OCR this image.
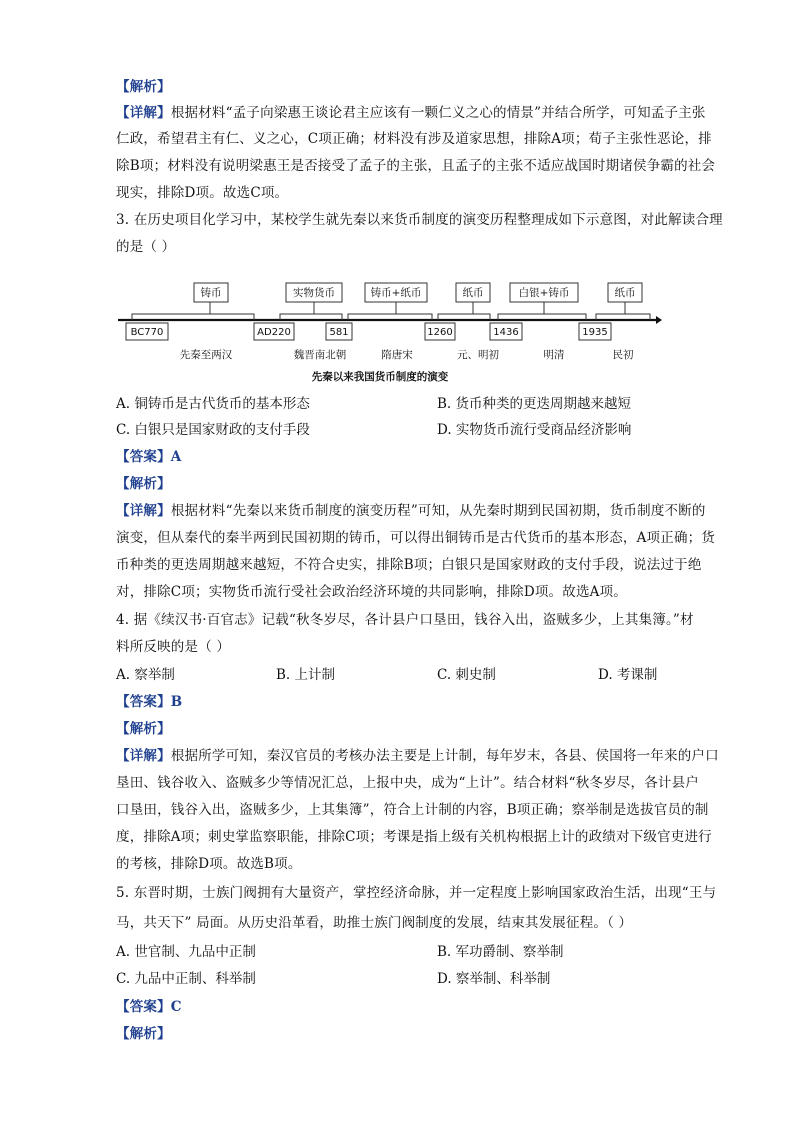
【解析】
【详解】根据材料“孟子向梁惠王谈论君主应该有一颗仁义之心的情景”并结合所学，可知孟子主张
仁政，希望君主有仁、义之心，C项正确；材料没有涉及道家思想，排除A项；荀子主张性恶论，排
除B项；材料没有说明梁惠王是否接受了孟子的主张，且孟子的主张不适应战国时期诸侯争霸的社会
现实，排除D项。故选C项。
3. 在历史项目化学习中，某校学生就先秦以来货币制度的演变历程整理成如下示意图，对此解读合理
的是（ ）
铸币	实物货币	铸币+纸币	纸币	白银+铸币	纸币
BC770	AD220	581	1260	1436	1935
先秦至两汉	魏晋南北朝	隋唐宋	元、明初	明清	民初
先秦以来我国货币制度的演变
A. 铜铸币是古代货币的基本形态	B. 货币种类的更迭周期越来越短
C. 白银只是国家财政的支付手段	D. 实物货币流行受商品经济影响
【答案】A
【解析】
【详解】根据材料“先秦以来货币制度的演变历程”可知，从先秦时期到民国初期，货币制度不断的
演变，但从秦代的秦半两到民国初期的铸币，可以得出铜铸币是古代货币的基本形态，A项正确；货
币种类的更迭周期越来越短，不符合史实，排除B项；白银只是国家财政的支付手段，说法过于绝
对，排除C项；实物货币流行受社会政治经济环境的共同影响，排除D项。故选A项。
4. 据《续汉书·百官志》记载“秋冬岁尽，各计县户口垦田，钱谷入出，盗贼多少，上其集簿。”材
料所反映的是（ ）
A. 察举制	B. 上计制	C. 刺史制	D. 考课制
【答案】B
【解析】
【详解】根据所学可知，秦汉官员的考核办法主要是上计制，每年岁末，各县、侯国将一年来的户口
垦田、钱谷收入、盗贼多少等情况汇总，上报中央，成为“上计”。结合材料“秋冬岁尽，各计县户
口垦田，钱谷入出，盗贼多少，上其集簿”，符合上计制的内容，B项正确；察举制是选拔官员的制
度，排除A项；刺史掌监察职能，排除C项；考课是指上级有关机构根据上计的政绩对下级官吏进行
的考核，排除D项。故选B项。
5. 东晋时期，士族门阀拥有大量资产，掌控经济命脉，并一定程度上影响国家政治生活，出现“王与
马，共天下” 局面。从历史沿革看，助推士族门阀制度的发展，结束其发展征程。（ ）
A. 世官制、九品中正制	B. 军功爵制、察举制
C. 九品中正制、科举制	D. 察举制、科举制
【答案】C
【解析】
